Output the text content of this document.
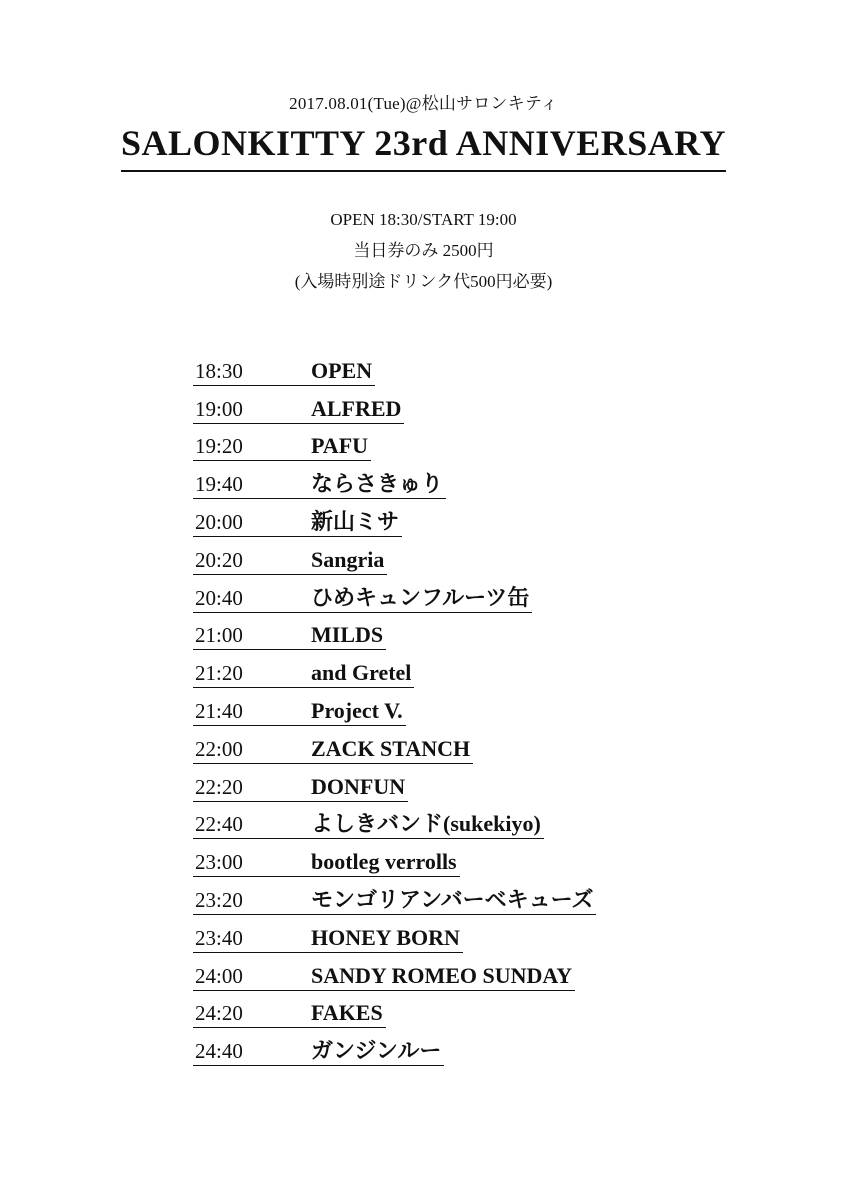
2017.08.01(Tue)@松山サロンキティ
SALONKITTY 23rd ANNIVERSARY
OPEN 18:30/START 19:00
当日券のみ 2500円
(入場時別途ドリンク代500円必要)
18:30	OPEN
19:00	ALFRED
19:20	PAFU
19:40	ならさきゅり
20:00	新山ミサ
20:20	Sangria
20:40	ひめキュンフルーツ缶
21:00	MILDS
21:20	and Gretel
21:40	Project V.
22:00	ZACK STANCH
22:20	DONFUN
22:40	よしきバンド(sukekiyo)
23:00	bootleg verrolls
23:20	モンゴリアンバーベキューズ
23:40	HONEY BORN
24:00	SANDY ROMEO SUNDAY
24:20	FAKES
24:40	ガンジンルー
